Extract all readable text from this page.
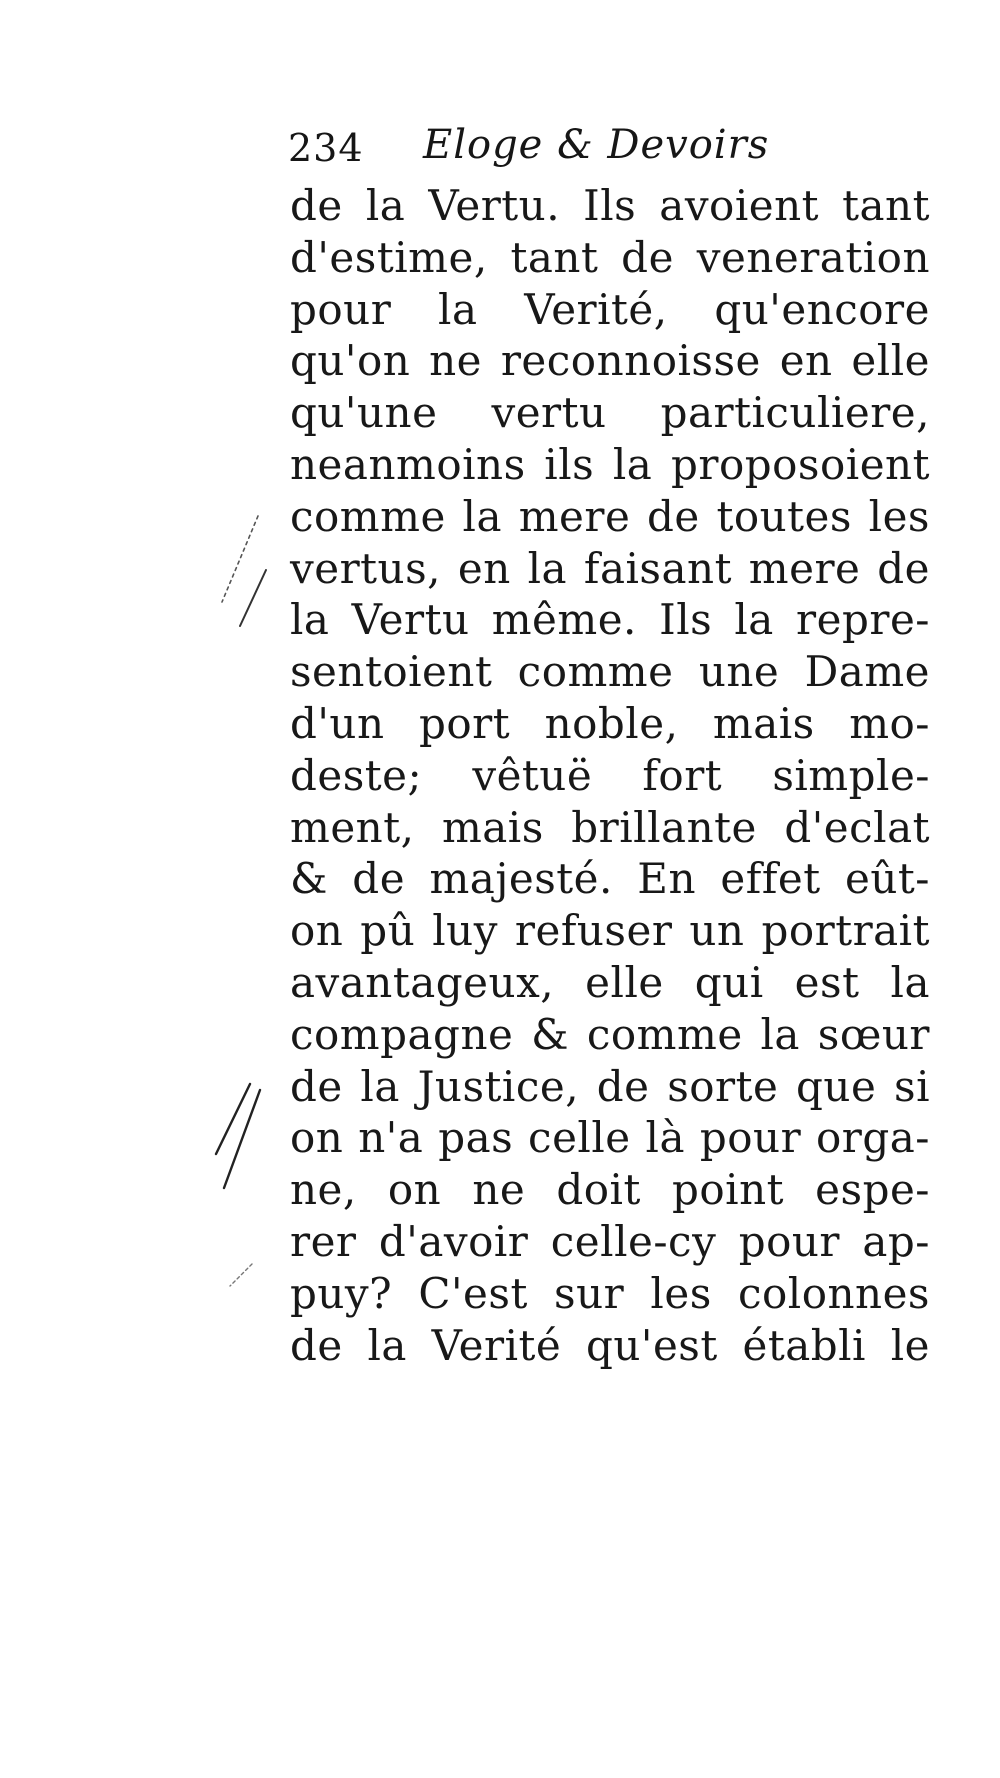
234 Eloge & Devoirs
de la Vertu. Ils avoient tant
d'estime, tant de veneration
pour la Verité, qu'encore
qu'on ne reconnoisse en elle
qu'une vertu particuliere,
neanmoins ils la proposoient
comme la mere de toutes les
vertus, en la faisant mere de
la Vertu même. Ils la repre-
sentoient comme une Dame
d'un port noble, mais mo-
deste; vêtuë fort simple-
ment, mais brillante d'eclat
& de majesté. En effet eût-
on pû luy refuser un portrait
avantageux, elle qui est la
compagne & comme la sœur
de la Justice, de sorte que si
on n'a pas celle là pour orga-
ne, on ne doit point espe-
rer d'avoir celle-cy pour ap-
puy? C'est sur les colonnes
de la Verité qu'est établi le
